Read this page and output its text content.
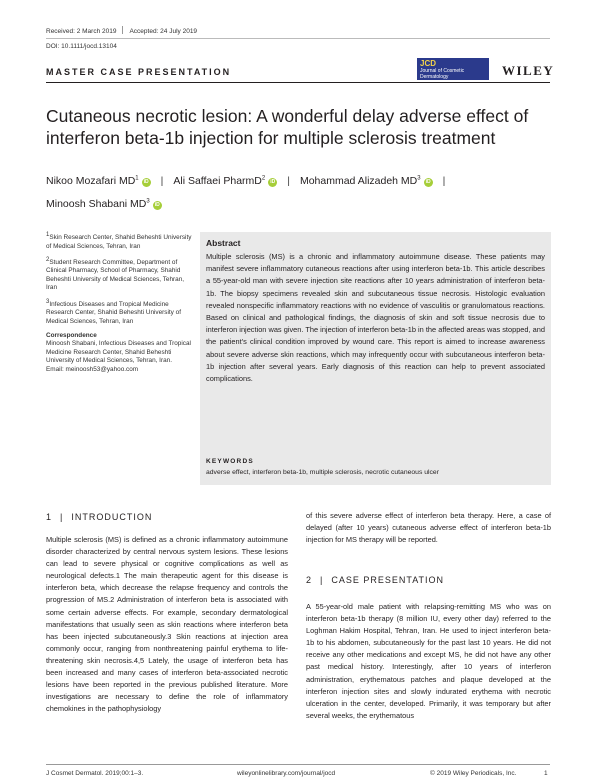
Received: 2 March 2019 Accepted: 24 July 2019
DOI: 10.1111/jocd.13104
MASTER CASE PRESENTATION
JCD
Journal of Cosmetic Dermatology	WILEY
Cutaneous necrotic lesion: A wonderful delay adverse effect of interferon beta-1b injection for multiple sclerosis treatment
Nikoo Mozafari $MD^1iD$ | Ali Saffaei PharmD$^2$iD | Mohammad Alizadeh $MD^3iD$ |
Minoosh Shabani $MD^3iD$

$^1$Skin Research Center, Shahid Beheshti University of Medical Sciences, Tehran, Iran

$^2$Student Research Committee, Department of Clinical Pharmacy, School of Pharmacy, Shahid Beheshti University of Medical Sciences, Tehran, Iran

$^3$Infectious Diseases and Tropical Medicine Research Center, Shahid Beheshti University of Medical Sciences, Tehran, Iran

Correspondence
Minoosh Shabani, Infectious Diseases and Tropical Medicine Research Center, Shahid Beheshti University of Medical Sciences, Tehran, Iran.
Email: meinoosh53@yahoo.com

Abstract
Multiple sclerosis (MS) is a chronic and inflammatory autoimmune disease. These patients may manifest severe inflammatory cutaneous reactions after using interferon beta-1b. This article describes a 55-year-old man with severe injection site reactions after 10 years administration of interferon beta-1b. The biopsy specimens revealed skin and subcutaneous tissue necrosis. Histologic evaluation revealed nonspecific inflammatory reactions with no evidence of vasculitis or granulomatous reactions. Based on clinical and pathological findings, the diagnosis of skin and soft tissue necrosis due to interferon injection was given. The injection of interferon beta-1b in the affected areas was stopped, and the patient's clinical condition improved by wound care. This report is aimed to increase awareness about severe adverse skin reactions, which may infrequently occur with subcutaneous interferon beta-1b injection after several years. Early diagnosis of this reaction can help to prevent associated complications.
KEYWORDS
adverse effect, interferon beta-1b, multiple sclerosis, necrotic cutaneous ulcer
1 | INTRODUCTION
Multiple sclerosis (MS) is defined as a chronic inflammatory autoimmune disorder characterized by central nervous system lesions. These lesions can lead to severe physical or cognitive complications as well as neurological defects.1 The main therapeutic agent for this disease is interferon beta, which decrease the relapse frequency and controls the progression of MS.2 Administration of interferon beta is associated with some certain adverse effects. For example, secondary dermatological manifestations that usually seen as skin reactions where interferon beta has been injected subcutaneously.3 Skin reactions at injection area commonly occur, ranging from nonthreatening painful erythema to life-threatening skin necrosis.4,5 Lately, the usage of interferon beta has been increased and many cases of interferon beta-associated necrotic lesions have been reported in the previous published literature. More investigations are necessary to define the role of inflammatory chemokines in the pathophysiology
of this severe adverse effect of interferon beta therapy. Here, a case of delayed (after 10 years) cutaneous adverse effect of interferon beta-1b injection for MS therapy will be reported.
2 | CASE PRESENTATION
A 55-year-old male patient with relapsing-remitting MS who was on interferon beta-1b therapy (8 million IU, every other day) referred to the Loghman Hakim Hospital, Tehran, Iran. He used to inject interferon beta-1b to his abdomen, subcutaneously for the past last 10 years. He did not receive any other medications and except MS, he did not have any other past medical history. Interestingly, after 10 years of interferon administration, erythematous patches and plaque developed at the interferon injection sites and slowly indurated erythema with necrotic ulceration in the center, developed. Primarily, it was temporary but after several weeks, the erythematous
J Cosmet Dermatol. 2019;00:1–3.	wileyonlinelibrary.com/journal/jocd	© 2019 Wiley Periodicals, Inc.	1
